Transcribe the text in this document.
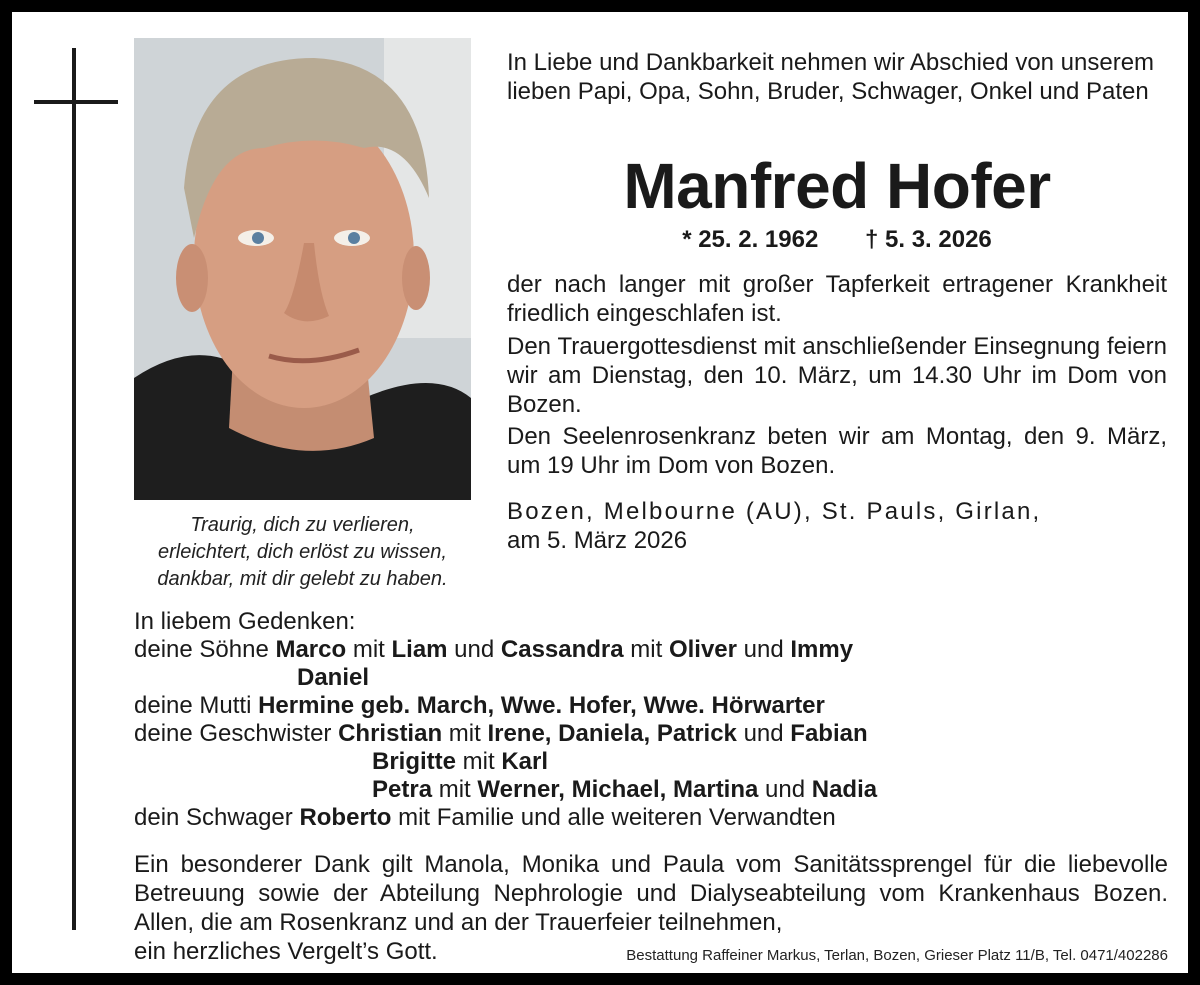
Traurig, dich zu verlieren,
erleichtert, dich erlöst zu wissen,
dankbar, mit dir gelebt zu haben.
In Liebe und Dankbarkeit nehmen wir Abschied von unserem lieben Papi, Opa, Sohn, Bruder, Schwager, Onkel und Paten
Manfred Hofer
* 25. 2. 1962 † 5. 3. 2026
der nach langer mit großer Tapferkeit ertragener Krankheit friedlich eingeschlafen ist.
Den Trauergottesdienst mit anschließender Einsegnung feiern wir am Dienstag, den 10. März, um 14.30 Uhr im Dom von Bozen.
Den Seelenrosenkranz beten wir am Montag, den 9. März, um 19 Uhr im Dom von Bozen.
Bozen, Melbourne (AU), St. Pauls, Girlan,
am 5. März 2026
In liebem Gedenken:
deine Söhne Marco mit Liam und Cassandra mit Oliver und Immy
Daniel
deine Mutti Hermine geb. March, Wwe. Hofer, Wwe. Hörwarter
deine Geschwister Christian mit Irene, Daniela, Patrick und Fabian
Brigitte mit Karl
Petra mit Werner, Michael, Martina und Nadia
dein Schwager Roberto mit Familie und alle weiteren Verwandten
Ein besonderer Dank gilt Manola, Monika und Paula vom Sanitätssprengel für die liebevolle Betreuung sowie der Abteilung Nephrologie und Dialyseabteilung vom Krankenhaus Bozen. Allen, die am Rosenkranz und an der Trauerfeier teilnehmen,
ein herzliches Vergelt’s Gott.	Bestattung Raffeiner Markus, Terlan, Bozen, Grieser Platz 11/B, Tel. 0471/402286
